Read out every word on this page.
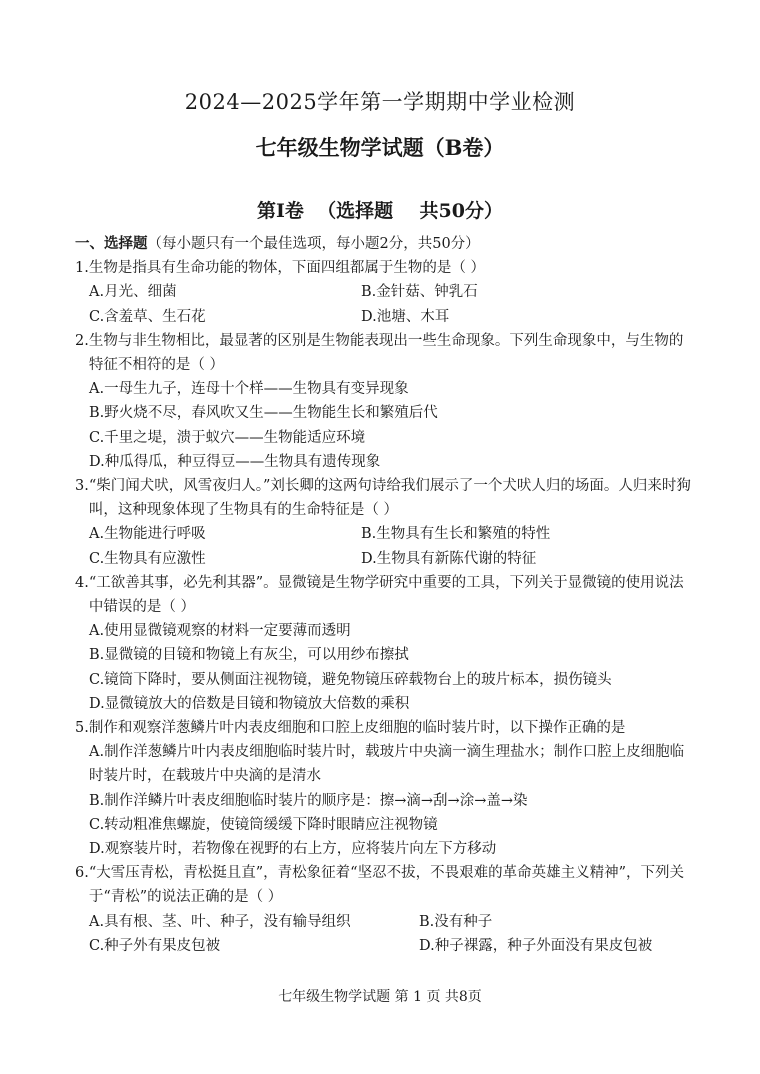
2024—2025学年第一学期期中学业检测
七年级生物学试题（B卷）
第Ⅰ卷  （选择题    共50分）
一、选择题（每小题只有一个最佳选项，每小题2分，共50分）
1. 生物是指具有生命功能的物体，下面四组都属于生物的是（ ）
A.月光、细菌	B.金针菇、钟乳石
C.含羞草、生石花	D.池塘、木耳
2. 生物与非生物相比，最显著的区别是生物能表现出一些生命现象。下列生命现象中，与生物的特征不相符的是（ ）
A.一母生九子，连母十个样——生物具有变异现象
B.野火烧不尽，春风吹又生——生物能生长和繁殖后代
C.千里之堤，溃于蚁穴——生物能适应环境
D.种瓜得瓜，种豆得豆——生物具有遗传现象
3. “柴门闻犬吠，风雪夜归人。”刘长卿的这两句诗给我们展示了一个犬吠人归的场面。人归来时狗叫，这种现象体现了生物具有的生命特征是（ ）
A.生物能进行呼吸	B.生物具有生长和繁殖的特性
C.生物具有应激性	D.生物具有新陈代谢的特征
4. “工欲善其事，必先利其器”。显微镜是生物学研究中重要的工具，下列关于显微镜的使用说法中错误的是（ ）
A.使用显微镜观察的材料一定要薄而透明
B.显微镜的目镜和物镜上有灰尘，可以用纱布擦拭
C.镜筒下降时，要从侧面注视物镜，避免物镜压碎载物台上的玻片标本，损伤镜头
D.显微镜放大的倍数是目镜和物镜放大倍数的乘积
5. 制作和观察洋葱鳞片叶内表皮细胞和口腔上皮细胞的临时装片时，以下操作正确的是
A.制作洋葱鳞片叶内表皮细胞临时装片时，载玻片中央滴一滴生理盐水；制作口腔上皮细胞临时装片时，在载玻片中央滴的是清水
B.制作洋鳞片叶表皮细胞临时装片的顺序是：擦→滴→刮→涂→盖→染
C.转动粗准焦螺旋，使镜筒缓缓下降时眼睛应注视物镜
D.观察装片时，若物像在视野的右上方，应将装片向左下方移动
6. “大雪压青松，青松挺且直”，青松象征着“坚忍不拔，不畏艰难的革命英雄主义精神”，下列关于“青松”的说法正确的是（ ）
A.具有根、茎、叶、种子，没有输导组织	B.没有种子
C.种子外有果皮包被	D.种子裸露，种子外面没有果皮包被
七年级生物学试题 第 1 页 共8页
